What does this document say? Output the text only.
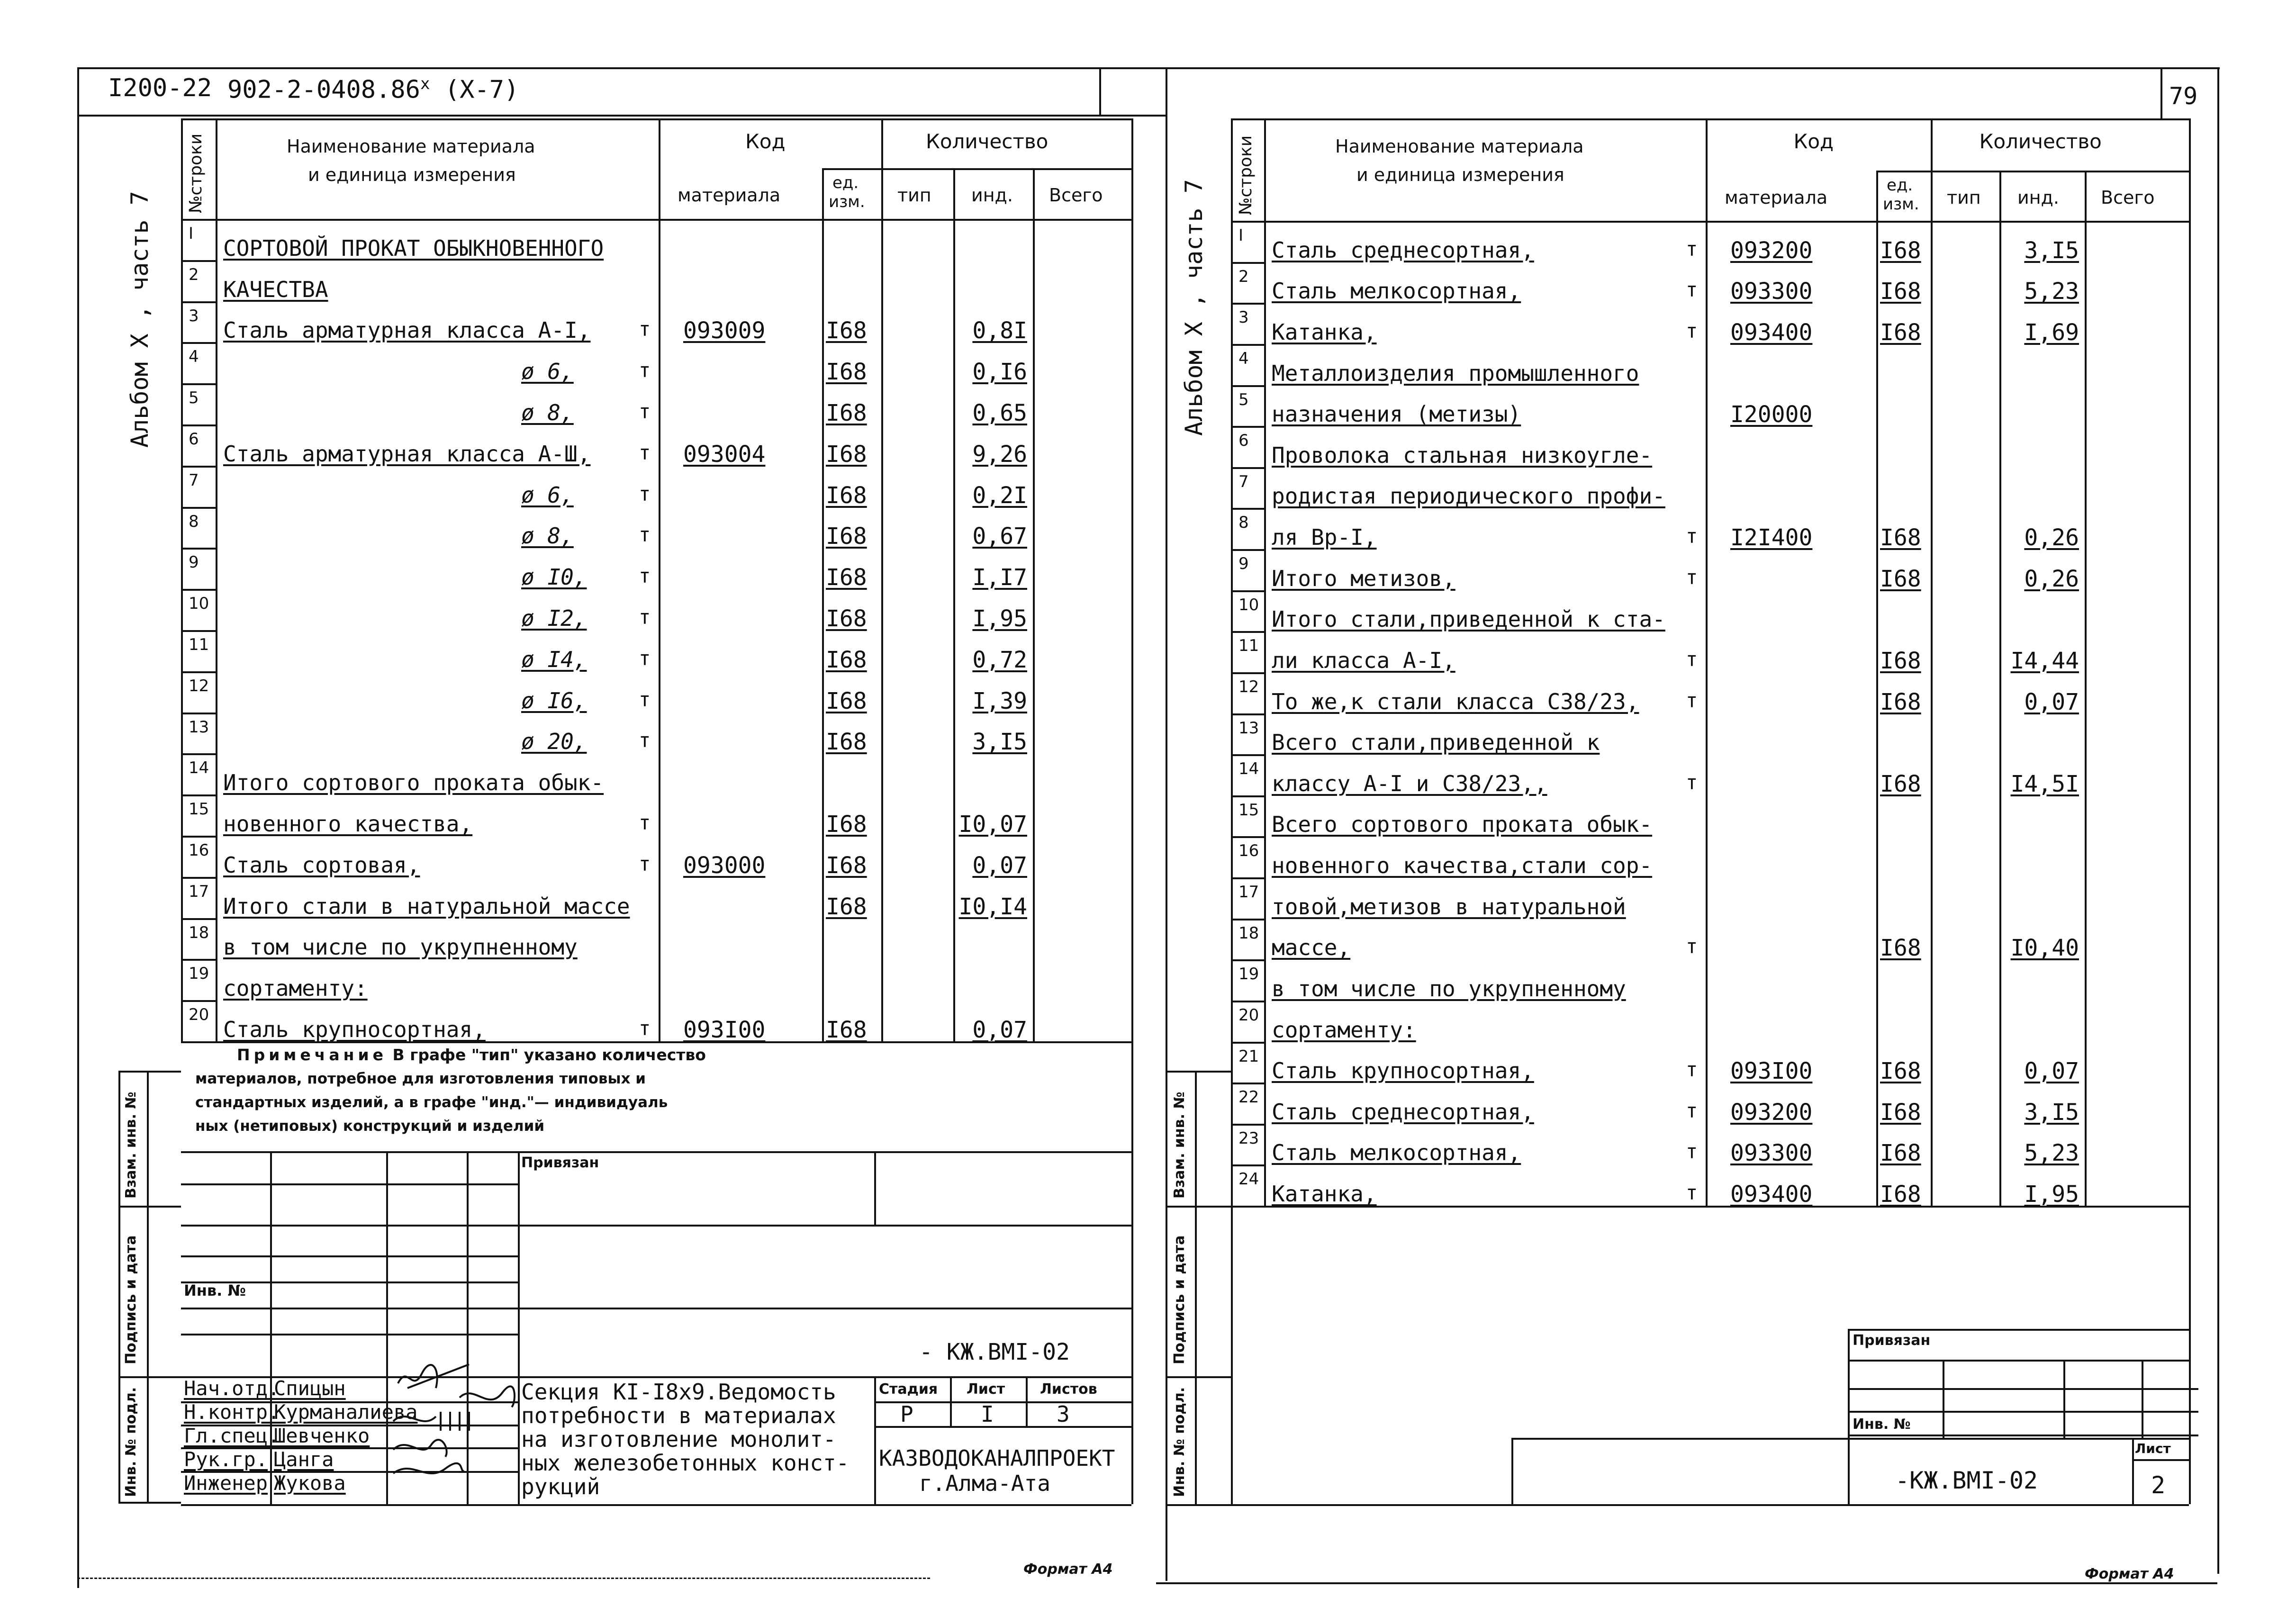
I200-22 902-2-0408.86$^x$ (X-7)
Альбом X , часть 7
№строки	Наименование материала
и единица измерения
Код	Количество
материала
ед.
изм. тип инд. Всего
I
СОРТОВОЙ ПРОКАТ ОБЫКНОВЕННОГО
2
КАЧЕСТВА
3
Сталь арматурная класса А-I, т 093009	I68	0,8I
4
ø 6,	т	I68	0,I6
5
ø 8,	т	I68	0,65
6
Сталь арматурная класса А-Ш, т 093004	I68	9,26
7
ø 6,	т	I68	0,2I
8
ø 8,	т	I68	0,67
9
ø I0,	т	I68	I,I7
10
ø I2,	т	I68	I,95
11
ø I4,	т	I68	0,72
12
ø I6,	т	I68	I,39
13
ø 20,	т	I68	3,I5
14
Итого сортового проката обык-
15
новенного качества,	т	I68	I0,07
16
Сталь сортовая,	т 093000	I68	0,07
17
Итого стали в натуральной массе	I68	I0,I4
18
в том числе по укрупненному
19
сортаменту:
20
Сталь крупносортная,	т 093I00	I68	0,07
Примечание В графе "тип" указано количество
материалов, потребное для изготовления типовых и
стандартных изделий, а в графе "инд."— индивидуаль
ных (нетиповых) конструкций и изделий
Привязан
Инв. №
- КЖ.ВМI-02
Нач.отд.
Спицын
Н.контр.
Курманалиева
Гл.спец.
Шевченко
Рук.гр. Цанга
Инженер Жукова
Секция КI-I8x9.Ведомость
потребности в материалах
на изготовление монолит-
ных железобетонных конст-
рукций
Стадия Лист Листов
Р	I	3
КАЗВОДОКАНАЛПРОЕКТ
г.Алма-Ата
Взам. инв. №
Подпись и дата
Инв. № подл.
Формат А4
79
Альбом X , часть 7
№строки	Наименование материала
и единица измерения
Код	Количество
материала
ед.
изм. тип инд. Всего
I
Сталь среднесортная,	т 093200	I68	3,I5
2
Сталь мелкосортная,	т 093300	I68	5,23
3
Катанка,	т 093400	I68	I,69
4
Металлоизделия промышленного
5
назначения (метизы)	I20000
6
Проволока стальная низкоугле-
7
родистая периодического профи-
8
ля Вр-I,	т I2I400	I68	0,26
9
Итого метизов,	т	I68	0,26
10
Итого стали,приведенной к ста-
11
ли класса А-I,	т	I68	I4,44
12
То же,к стали класса С38/23, т	I68	0,07
13
Всего стали,приведенной к
14
классу А-I и С38/23,,	т	I68	I4,5I
15
Всего сортового проката обык-
16
новенного качества,стали сор-
17
товой,метизов в натуральной
18
массе,	т	I68	I0,40
19
в том числе по укрупненному
20
сортаменту:
21
Сталь крупносортная,	т 093I00	I68	0,07
22
Сталь среднесортная,	т 093200	I68	3,I5
23
Сталь мелкосортная,	т 093300	I68	5,23
24
Катанка,	т 093400	I68	I,95
Привязан
Инв. №
-КЖ.ВМI-02
Лист
2
Взам. инв. №
Подпись и дата
Инв. № подл.
Формат А4
